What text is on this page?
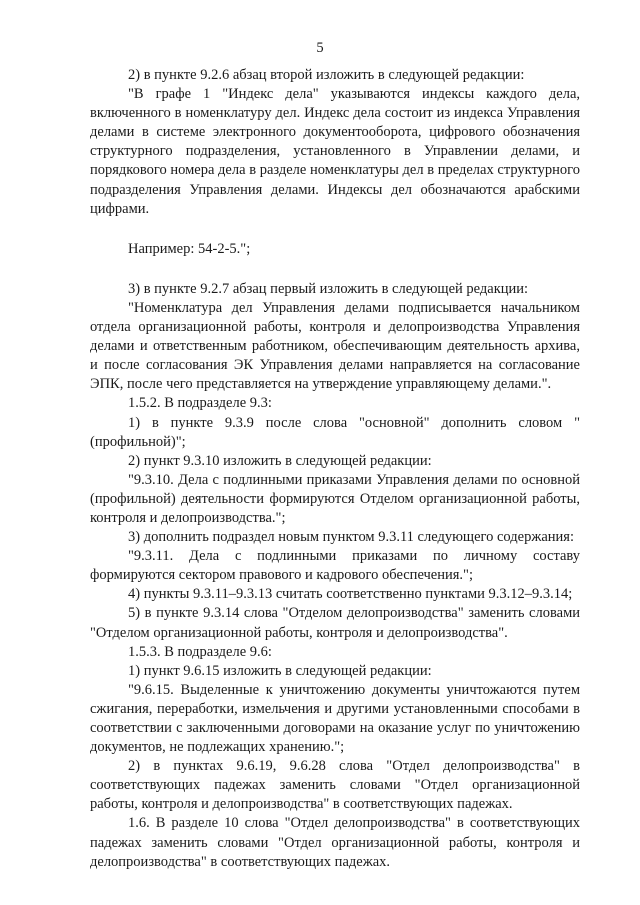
5

2) в пункте 9.2.6 абзац второй изложить в следующей редакции:

"В графе 1 "Индекс дела" указываются индексы каждого дела, включенного в номенклатуру дел. Индекс дела состоит из индекса Управления делами в системе электронного документооборота, цифрового обозначения структурного подразделения, установленного в Управлении делами, и порядкового номера дела в разделе номенклатуры дел в пределах структурного подразделения Управления делами. Индексы дел обозначаются арабскими цифрами.

Например: 54-2-5.";

3) в пункте 9.2.7 абзац первый изложить в следующей редакции:

"Номенклатура дел Управления делами подписывается начальником отдела организационной работы, контроля и делопроизводства Управления делами и ответственным работником, обеспечивающим деятельность архива, и после согласования ЭК Управления делами направляется на согласование ЭПК, после чего представляется на утверждение управляющему делами.".

1.5.2. В подразделе 9.3:

1) в пункте 9.3.9 после слова "основной" дополнить словом "(профильной)";

2) пункт 9.3.10 изложить в следующей редакции:

"9.3.10. Дела с подлинными приказами Управления делами по основной (профильной) деятельности формируются Отделом организационной работы, контроля и делопроизводства.";

3) дополнить подраздел новым пунктом 9.3.11 следующего содержания:

"9.3.11. Дела с подлинными приказами по личному составу формируются сектором правового и кадрового обеспечения.";

4) пункты 9.3.11–9.3.13 считать соответственно пунктами 9.3.12–9.3.14;

5) в пункте 9.3.14 слова "Отделом делопроизводства" заменить словами "Отделом организационной работы, контроля и делопроизводства".

1.5.3. В подразделе 9.6:

1) пункт 9.6.15 изложить в следующей редакции:

"9.6.15. Выделенные к уничтожению документы уничтожаются путем сжигания, переработки, измельчения и другими установленными способами в соответствии с заключенными договорами на оказание услуг по уничтожению документов, не подлежащих хранению.";

2) в пунктах 9.6.19, 9.6.28 слова "Отдел делопроизводства" в соответствующих падежах заменить словами "Отдел организационной работы, контроля и делопроизводства" в соответствующих падежах.

1.6. В разделе 10 слова "Отдел делопроизводства" в соответствующих падежах заменить словами "Отдел организационной работы, контроля и делопроизводства" в соответствующих падежах.
